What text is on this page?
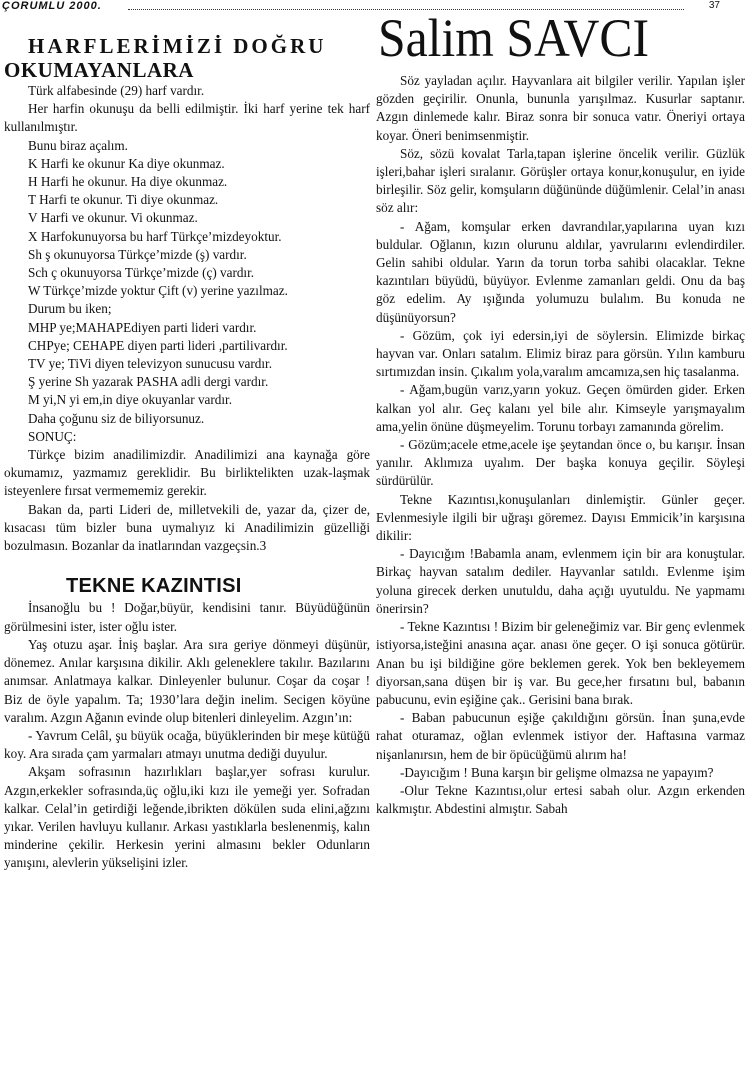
ÇORUMLU 2000.	37
Salim SAVCI
HARFLERİMİZİ DOĞRU
OKUMAYANLARA

Türk alfabesinde (29) harf vardır.

Her harfin okunuşu da belli edilmiştir. İki harf yerine tek harf kullanılmıştır.

Bunu biraz açalım.

K Harfi ke okunur Ka diye okunmaz.

H Harfi he okunur. Ha diye okunmaz.

T Harfi te okunur. Ti diye okunmaz.

V Harfi ve okunur. Vi okunmaz.

X Harfokunuyorsa bu harf Türkçe’mizdeyoktur.

Sh ş okunuyorsa Türkçe’mizde (ş) vardır.

Sch ç okunuyorsa Türkçe’mizde (ç) vardır.

W Türkçe’mizde yoktur Çift (v) yerine yazılmaz.

Durum bu iken;

MHP ye;MAHAPEdiyen parti lideri vardır.

CHPye; CEHAPE diyen parti lideri ,partilivardır.

TV ye; TiVi diyen televizyon sunucusu vardır.

Ş yerine Sh yazarak PASHA adli dergi vardır.

M yi,N yi em,in diye okuyanlar vardır.

Daha çoğunu siz de biliyorsunuz.

SONUÇ:

Türkçe bizim anadilimizdir. Anadilimizi ana kaynağa göre okumamız, yazmamız gereklidir. Bu birliktelikten uzak-laşmak isteyenlere fırsat vermememiz gerekir.

Bakan da, parti Lideri de, milletvekili de, yazar da, çizer de, kısacası tüm bizler buna uymalıyız ki Anadilimizin güzelliği bozulmasın. Bozanlar da inatlarından vazgeçsin.3

TEKNE KAZINTISI

İnsanoğlu bu ! Doğar,büyür, kendisini tanır. Büyüdüğünün görülmesini ister, ister oğlu ister.

Yaş otuzu aşar. İniş başlar. Ara sıra geriye dönmeyi düşünür, dönemez. Anılar karşısına dikilir. Aklı geleneklere takılır. Bazılarını anımsar. Anlatmaya kalkar. Dinleyenler bulunur. Coşar da coşar ! Biz de öyle yapalım. Ta; 1930’lara değin inelim. Secigen köyüne varalım. Azgın Ağanın evinde olup bitenleri dinleyelim. Azgın’ın:

- Yavrum Celâl, şu büyük ocağa, büyüklerinden bir meşe kütüğü koy. Ara sırada çam yarmaları atmayı unutma dediği duyulur.

Akşam sofrasının hazırlıkları başlar,yer sofrası kurulur. Azgın,erkekler sofrasında,üç oğlu,iki kızı ile yemeği yer. Sofradan kalkar. Celal’in getirdiği leğende,ibrikten dökülen suda elini,ağzını yıkar. Verilen havluyu kullanır. Arkası yastıklarla beslenenmiş, kalın minderine çekilir. Herkesin yerini almasını bekler Odunların yanışını, alevlerin yükselişini izler.

Söz yayladan açılır. Hayvanlara ait bilgiler verilir. Yapılan işler gözden geçirilir. Onunla, bununla yarışılmaz. Kusurlar saptanır. Azgın dinlemede kalır. Biraz sonra bir sonuca vatır. Öneriyi ortaya koyar. Öneri benimsenmiştir.

Söz, sözü kovalat Tarla,tapan işlerine öncelik verilir. Güzlük işleri,bahar işleri sıralanır. Görüşler ortaya konur,konuşulur, en iyide birleşilir. Söz gelir, komşuların düğününde düğümlenir. Celal’in anası söz alır:

- Ağam, komşular erken davrandılar,yapılarına uyan kızı buldular. Oğlanın, kızın olurunu aldılar, yavrularını evlendirdiler. Gelin sahibi oldular. Yarın da torun torba sahibi olacaklar. Tekne kazıntıları büyüdü, büyüyor. Evlenme zamanları geldi. Onu da baş göz edelim. Ay ışığında yolumuzu bulalım. Bu konuda ne düşünüyorsun?

- Gözüm, çok iyi edersin,iyi de söylersin. Elimizde birkaç hayvan var. Onları satalım. Elimiz biraz para görsün. Yılın kamburu sırtımızdan insin. Çıkalım yola,varalım amcamıza,sen hiç tasalanma.

- Ağam,bugün varız,yarın yokuz. Geçen ömürden gider. Erken kalkan yol alır. Geç kalanı yel bile alır. Kimseyle yarışmayalım ama,yelin önüne düşmeyelim. Torunu torbayı zamanında görelim.

- Gözüm;acele etme,acele işe şeytandan önce o, bu karışır. İnsan yanılır. Aklımıza uyalım. Der başka konuya geçilir. Söyleşi sürdürülür.

Tekne Kazıntısı,konuşulanları dinlemiştir. Günler geçer. Evlenmesiyle ilgili bir uğraşı göremez. Dayısı Emmicik’in karşısına dikilir:

- Dayıcığım !Babamla anam, evlenmem için bir ara konuştular. Birkaç hayvan satalım dediler. Hayvanlar satıldı. Evlenme işim yoluna girecek derken unutuldu, daha açığı uyutuldu. Ne yapmamı önerirsin?

- Tekne Kazıntısı ! Bizim bir geleneğimiz var. Bir genç evlenmek istiyorsa,isteğini anasına açar. anası öne geçer. O işi sonuca götürür. Anan bu işi bildiğine göre beklemen gerek. Yok ben bekleyemem diyorsan,sana düşen bir iş var. Bu gece,her fırsatını bul, babanın pabucunu, evin eşiğine çak.. Gerisini bana bırak.

- Baban pabucunun eşiğe çakıldığını görsün. İnan şuna,evde rahat oturamaz, oğlan evlenmek istiyor der. Haftasına varmaz nişanlanırsın, hem de bir öpücüğümü alırım ha!

-Dayıcığım ! Buna karşın bir gelişme olmazsa ne yapayım?

-Olur Tekne Kazıntısı,olur ertesi sabah olur. Azgın erkenden kalkmıştır. Abdestini almıştır. Sabah
